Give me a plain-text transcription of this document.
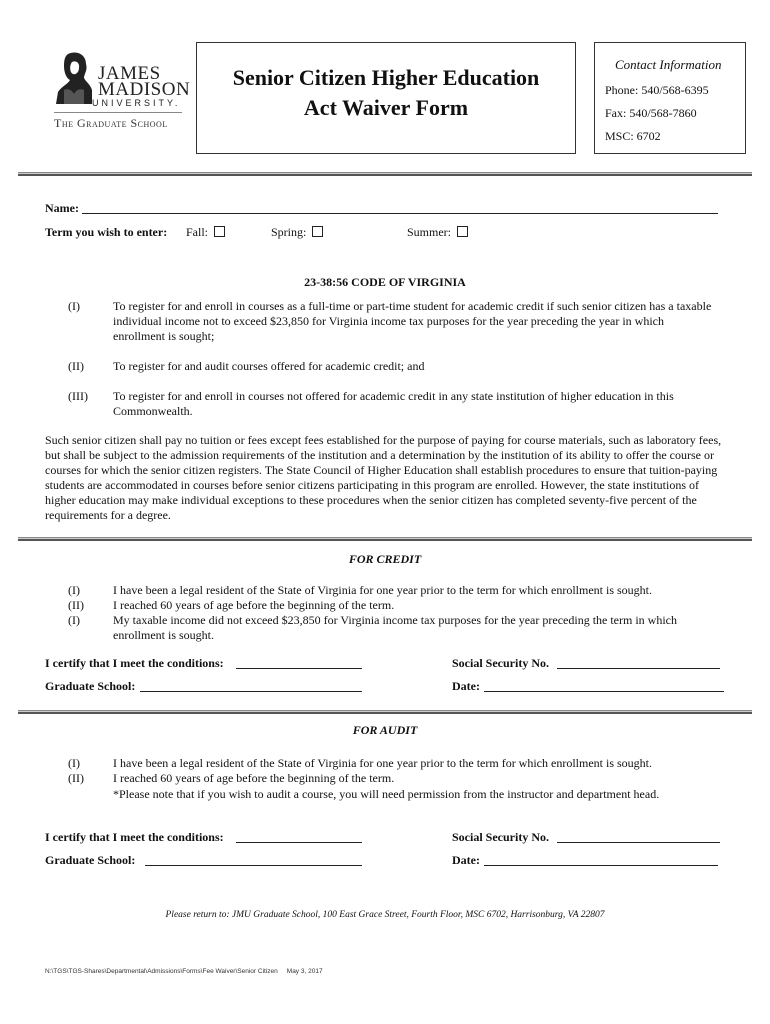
JAMES
MADISON
UNIVERSITY.
The Graduate School
Senior Citizen Higher Education
Act Waiver Form
Contact Information
Phone: 540/568-6395
Fax: 540/568-7860
MSC: 6702
Name:
Term you wish to enter: Fall:	Spring:	Summer:
23-38:56 CODE OF VIRGINIA
(I)	To register for and enroll in courses as a full-time or part-time student for academic credit if such senior citizen has a taxable individual income not to exceed $23,850 for Virginia income tax purposes for the year preceding the year in which enrollment is sought;
(II) To register for and audit courses offered for academic credit; and
(III) To register for and enroll in courses not offered for academic credit in any state institution of higher education in this Commonwealth.
Such senior citizen shall pay no tuition or fees except fees established for the purpose of paying for course materials, such as laboratory fees, but shall be subject to the admission requirements of the institution and a determination by the institution of its ability to offer the course or courses for which the senior citizen registers. The State Council of Higher Education shall establish procedures to ensure that tuition-paying students are accommodated in courses before senior citizens participating in this program are enrolled. However, the state institutions of higher education may make individual exceptions to these procedures when the senior citizen has completed seventy-five percent of the requirements for a degree.
FOR CREDIT
(I)	I have been a legal resident of the State of Virginia for one year prior to the term for which enrollment is sought.
(II) I reached 60 years of age before the beginning of the term.
(I)	My taxable income did not exceed $23,850 for Virginia income tax purposes for the year preceding the term in which enrollment is sought.
I certify that I meet the conditions:	Social Security No.
Graduate School:	Date:
FOR AUDIT
(I)	I have been a legal resident of the State of Virginia for one year prior to the term for which enrollment is sought.
(II) I reached 60 years of age before the beginning of the term.
*Please note that if you wish to audit a course, you will need permission from the instructor and department head.
I certify that I meet the conditions:	Social Security No.
Graduate School:	Date:
Please return to: JMU Graduate School, 100 East Grace Street, Fourth Floor, MSC 6702, Harrisonburg, VA 22807
N:\TGS\TGS-Shares\Departmental\Admissions\Forms\Fee Waiver\Senior Citizen May 3, 2017
